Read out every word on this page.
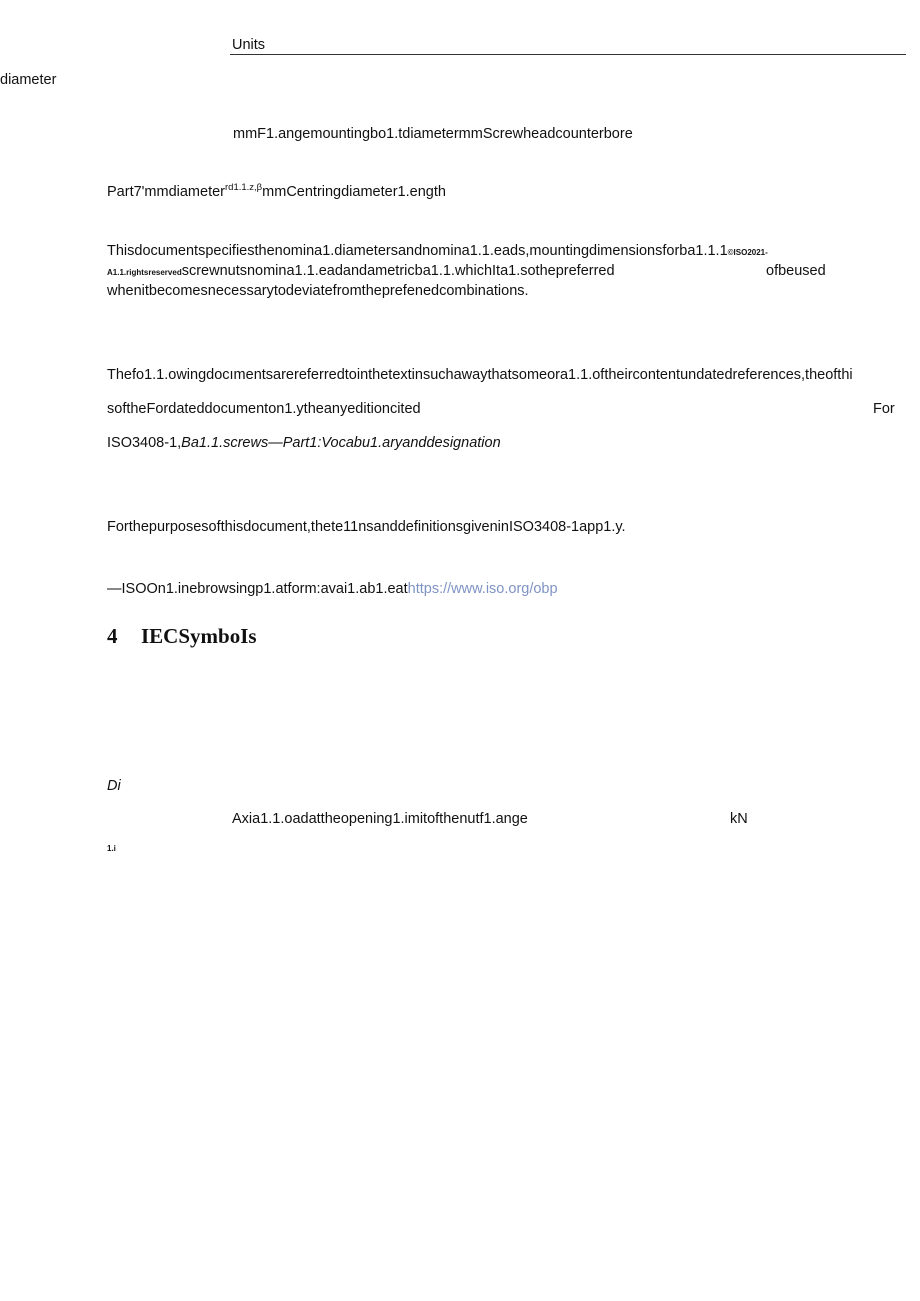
Units
diameter
mmF1.angemountingbo1.tdiametermmScrewheadcounterbore
Part7'mmdiameter$^{rd1.1.z,\beta}$mmCentringdiameter1.ength
Thisdocumentspecifiesthenomina1.diametersandnomina1.1.eads,mountingdimensionsforba1.1.1©ISO2021-
A1.1.rightsreservedscrewnutsnomina1.1.eadandametricba1.1.whichIta1.sothepreferred	ofbeused
whenitbecomesnecessarytodeviatefromtheprefenedcombinations.
Thefo1.1.owingdocımentsarereferredtointhetextinsuchawaythatsomeora1.1.oftheircontentundatedreferences,theofthi
softheFordateddocumenton1.ytheanyeditioncited	For
ISO3408-1,Ba1.1.screws—Part1:Vocabu1.aryanddesignation
Forthepurposesofthisdocument,thete11nsanddefinitionsgiveninISO3408-1app1.y.
—ISOOn1.inebrowsingp1.atform:avai1.ab1.eathttps://www.iso.org/obp
4 IECSymboIs
Di
Axia1.1.oadattheopening1.imitofthenutf1.ange	kN
1.i
